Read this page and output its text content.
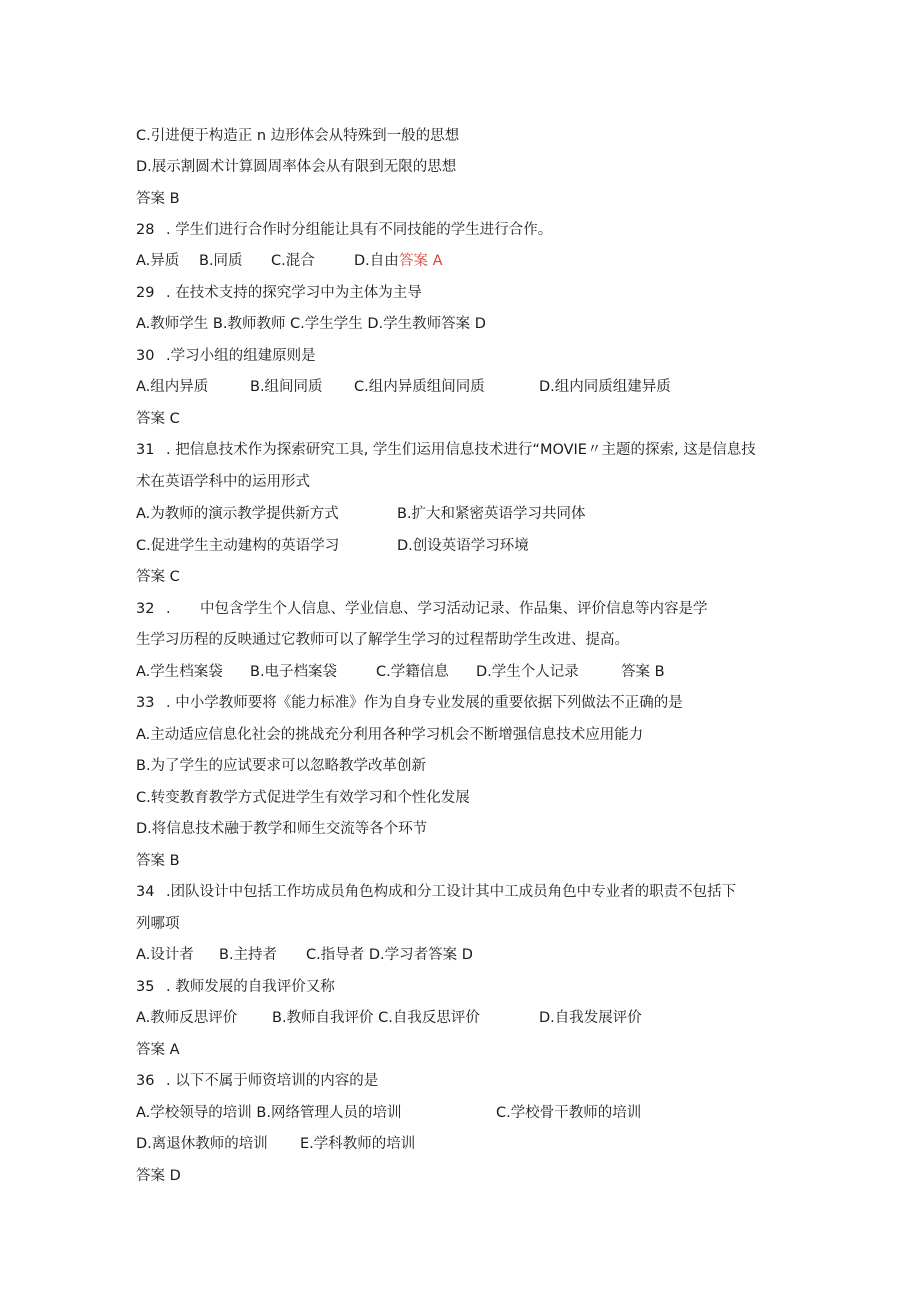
C.引进便于构造正 n 边形体会从特殊到一般的思想
D.展示割圆术计算圆周率体会从有限到无限的思想
答案 B
28 . 学生们进行合作时分组能让具有不同技能的学生进行合作。
A.异质 B.同质 C.混合	D.自由 答案 A
29 . 在技术支持的探究学习中为主体为主导
A.教师学生 B.教师教师 C.学生学生 D.学生教师答案 D
30 .学习小组的组建原则是
A.组内异质	B.组间同质 C.组内异质组间同质	D.组内同质组建异质
答案 C
31 . 把信息技术作为探索研究工具, 学生们运用信息技术进行“MOVIE〃主题的探索, 这是信息技
术在英语学科中的运用形式
A.为教师的演示教学提供新方式	B.扩大和紧密英语学习共同体
C.促进学生主动建构的英语学习	D.创设英语学习环境
答案 C
32 . 中包含学生个人信息、学业信息、学习活动记录、作品集、评价信息等内容是学
生学习历程的反映通过它教师可以了解学生学习的过程帮助学生改进、提高。
A.学生档案袋 B.电子档案袋	C.学籍信息 D.学生个人记录	答案 B
33 . 中小学教师要将《能力标准》作为自身专业发展的重要依据下列做法不正确的是
A.主动适应信息化社会的挑战充分利用各种学习机会不断增强信息技术应用能力
B.为了学生的应试要求可以忽略教学改革创新
C.转变教育教学方式促进学生有效学习和个性化发展
D.将信息技术融于教学和师生交流等各个环节
答案 B
34 .团队设计中包括工作坊成员角色构成和分工设计其中工成员角色中专业者的职责不包括下
列哪项
A.设计者 B.主持者 C.指导者 D.学习者答案 D
35 . 教师发展的自我评价又称
A.教师反思评价 B.教师自我评价 C.自我反思评价	D.自我发展评价
答案 A
36 . 以下不属于师资培训的内容的是
A.学校领导的培训 B.网络管理人员的培训	C.学校骨干教师的培训
D.离退休教师的培训 E.学科教师的培训
答案 D
